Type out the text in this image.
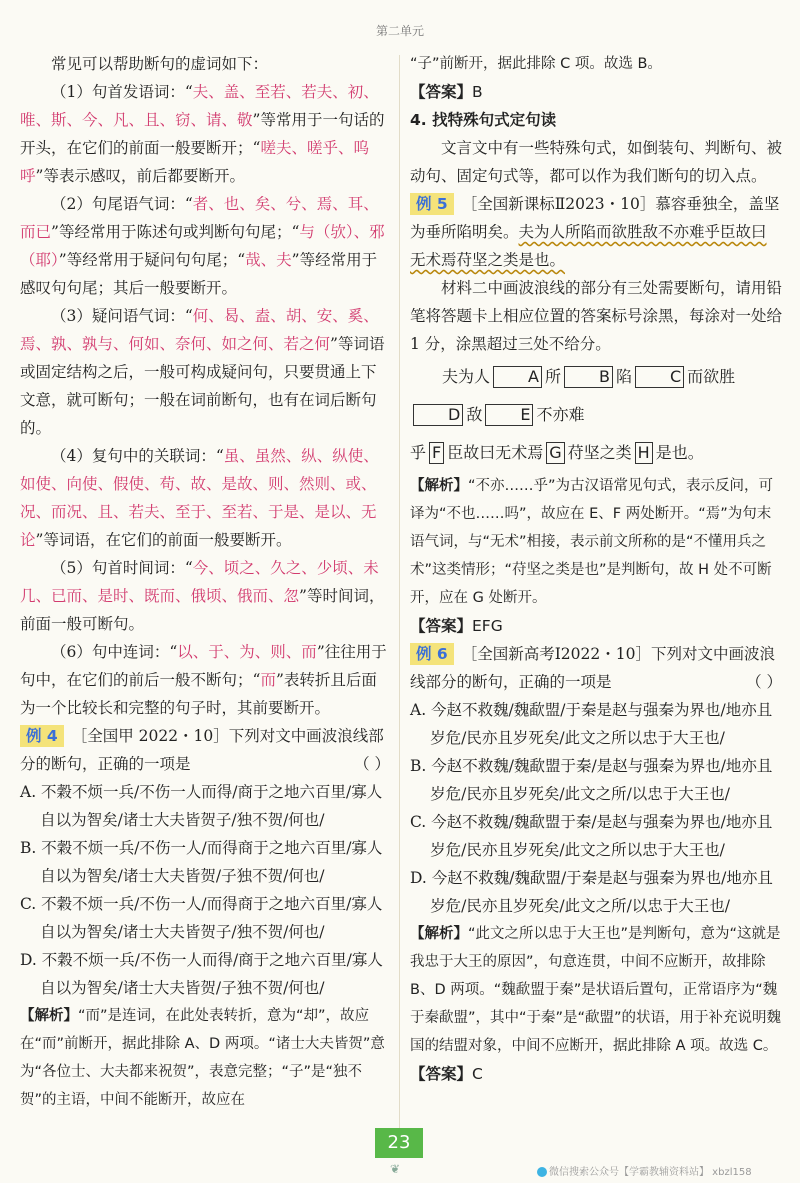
第二单元

常见可以帮助断句的虚词如下：

（1）句首发语词：“夫、盖、至若、若夫、初、唯、斯、今、凡、且、窃、请、敬”等常用于一句话的开头，在它们的前面一般要断开；“嗟夫、嗟乎、呜呼”等表示感叹，前后都要断开。

（2）句尾语气词：“者、也、矣、兮、焉、耳、而已”等经常用于陈述句或判断句句尾；“与（欤）、邪（耶）”等经常用于疑问句句尾；“哉、夫”等经常用于感叹句句尾；其后一般要断开。

（3）疑问语气词：“何、曷、盍、胡、安、奚、焉、孰、孰与、何如、奈何、如之何、若之何”等词语或固定结构之后，一般可构成疑问句，只要贯通上下文意，就可断句；一般在词前断句，也有在词后断句的。

（4）复句中的关联词：“虽、虽然、纵、纵使、如使、向使、假使、苟、故、是故、则、然则、或、况、而况、且、若夫、至于、至若、于是、是以、无论”等词语，在它们的前面一般要断开。

（5）句首时间词：“今、顷之、久之、少顷、未几、已而、是时、既而、俄顷、俄而、忽”等时间词，前面一般可断句。

（6）句中连词：“以、于、为、则、而”往往用于句中，在它们的前后一般不断句；“而”表转折且后面为一个比较长和完整的句子时，其前要断开。

例 4 ［全国甲 2022・10］下列对文中画波浪线部分的断句，正确的一项是	（ ）

A. 不穀不烦一兵/不伤一人而得/商于之地六百里/寡人自以为智矣/诸士大夫皆贺子/独不贺/何也/

B. 不穀不烦一兵/不伤一人/而得商于之地六百里/寡人自以为智矣/诸士大夫皆贺/子独不贺/何也/

C. 不穀不烦一兵/不伤一人/而得商于之地六百里/寡人自以为智矣/诸士大夫皆贺子/独不贺/何也/

D. 不穀不烦一兵/不伤一人而得/商于之地六百里/寡人自以为智矣/诸士大夫皆贺/子独不贺/何也/

【解析】“而”是连词，在此处表转折，意为“却”，故应在“而”前断开，据此排除 A、D 两项。“诸士大夫皆贺”意为“各位士、大夫都来祝贺”，表意完整；“子”是“独不贺”的主语，中间不能断开，故应在

“子”前断开，据此排除 C 项。故选 B。

【答案】B

4. 找特殊句式定句读

文言文中有一些特殊句式，如倒装句、判断句、被动句、固定句式等，都可以作为我们断句的切入点。

例 5 ［全国新课标Ⅱ2023・10］慕容垂独全，盖坚为垂所陷明矣。夫为人所陷而欲胜敌不亦难乎臣故曰无术焉苻坚之类是也。

材料二中画波浪线的部分有三处需要断句，请用铅笔将答题卡上相应位置的答案标号涂黑，每涂对一处给 1 分，涂黑超过三处不给分。

夫为人 A 所 B 陷 C 而欲胜D 敌 E 不亦难

乎 F 臣故曰无术焉 G 苻坚之类 H 是也。

【解析】“不亦……乎”为古汉语常见句式，表示反问，可译为“不也……吗”，故应在 E、F 两处断开。“焉”为句末语气词，与“无术”相接，表示前文所称的是“不懂用兵之术”这类情形；“苻坚之类是也”是判断句，故 H 处不可断开，应在 G 处断开。

【答案】EFG

例 6 ［全国新高考Ⅰ2022・10］下列对文中画波浪线部分的断句，正确的一项是	（ ）

A. 今赵不救魏/魏歃盟/于秦是赵与强秦为界也/地亦且岁危/民亦且岁死矣/此文之所以忠于大王也/

B. 今赵不救魏/魏歃盟于秦/是赵与强秦为界也/地亦且岁危/民亦且岁死矣/此文之所/以忠于大王也/

C. 今赵不救魏/魏歃盟于秦/是赵与强秦为界也/地亦且岁危/民亦且岁死矣/此文之所以忠于大王也/

D. 今赵不救魏/魏歃盟/于秦是赵与强秦为界也/地亦且岁危/民亦且岁死矣/此文之所/以忠于大王也/

【解析】“此文之所以忠于大王也”是判断句，意为“这就是我忠于大王的原因”，句意连贯，中间不应断开，故排除 B、D 两项。“魏歃盟于秦”是状语后置句，正常语序为“魏于秦歃盟”，其中“于秦”是“歃盟”的状语，用于补充说明魏国的结盟对象，中间不应断开，据此排除 A 项。故选 C。

【答案】C

23
❦	微信搜索公众号【学霸教辅资料站】 xbzl158
